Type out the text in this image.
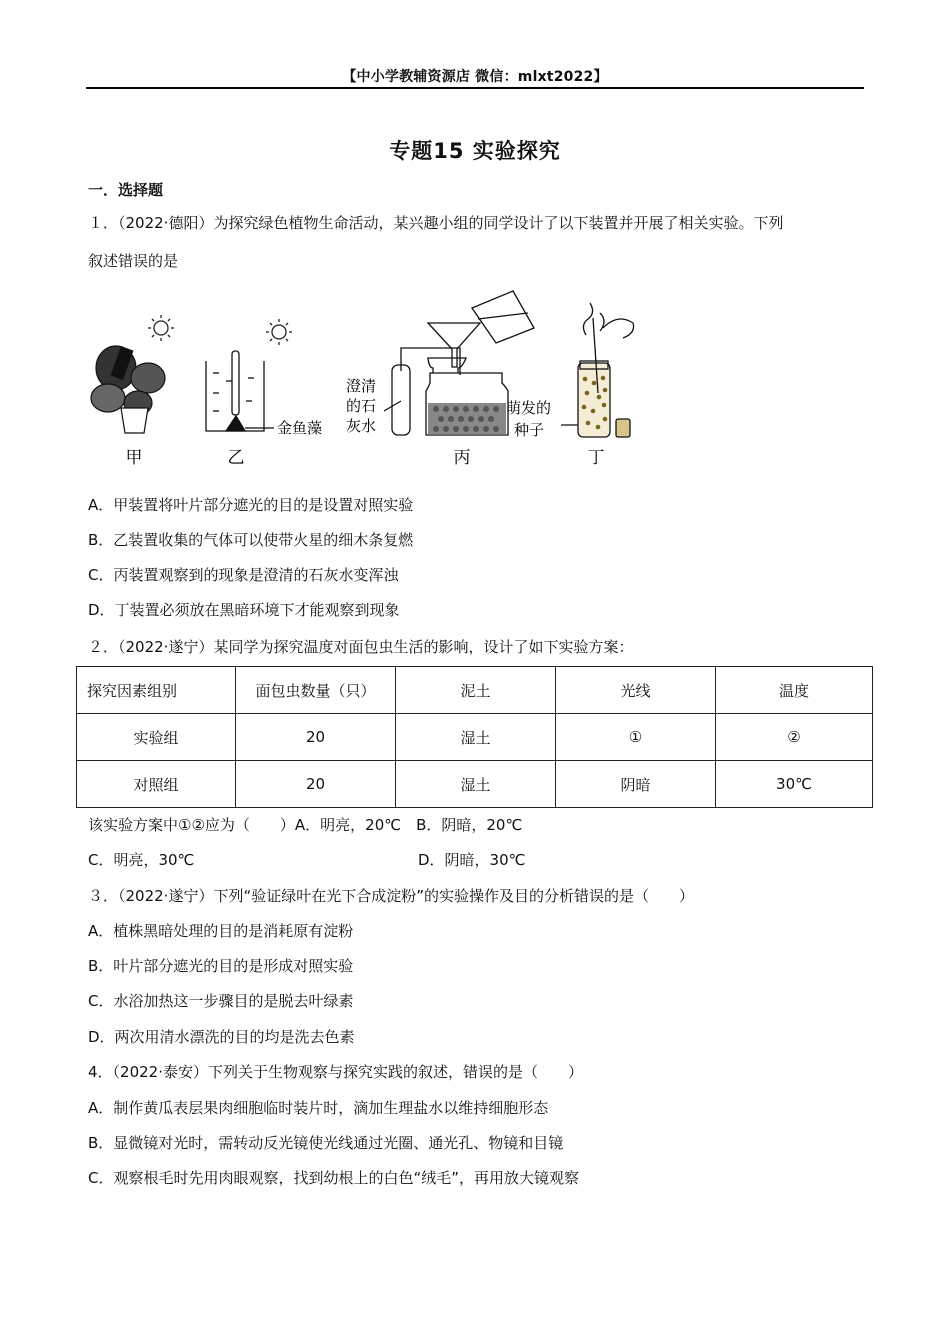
【中小学教辅资源店 微信：mlxt2022】
专题15 实验探究
一．选择题
１．（2022·德阳）为探究绿色植物生命活动，某兴趣小组的同学设计了以下装置并开展了相关实验。下列
叙述错误的是
甲
金鱼藻
乙
澄清
的石
灰水
丙
萌发的
种子
丁
A．甲装置将叶片部分遮光的目的是设置对照实验
B．乙装置收集的气体可以使带火星的细木条复燃
C．丙装置观察到的现象是澄清的石灰水变浑浊
D．丁装置必须放在黑暗环境下才能观察到现象
２．（2022·遂宁）某同学为探究温度对面包虫生活的影响，设计了如下实验方案：
探究因素组别	面包虫数量（只）	泥土	光线	温度
实验组	20	湿土	①	②
对照组	20	湿土	阴暗	30℃
该实验方案中①②应为（　　）A．明亮，20℃　B．阴暗，20℃
C．明亮，30℃	D．阴暗，30℃
３．（2022·遂宁）下列“验证绿叶在光下合成淀粉”的实验操作及目的分析错误的是（　　）
A．植株黑暗处理的目的是消耗原有淀粉
B．叶片部分遮光的目的是形成对照实验
C．水浴加热这一步骤目的是脱去叶绿素
D．两次用清水漂洗的目的均是洗去色素
4．（2022·泰安）下列关于生物观察与探究实践的叙述，错误的是（　　）
A．制作黄瓜表层果肉细胞临时装片时，滴加生理盐水以维持细胞形态
B．显微镜对光时，需转动反光镜使光线通过光圈、通光孔、物镜和目镜
C．观察根毛时先用肉眼观察，找到幼根上的白色“绒毛”，再用放大镜观察
